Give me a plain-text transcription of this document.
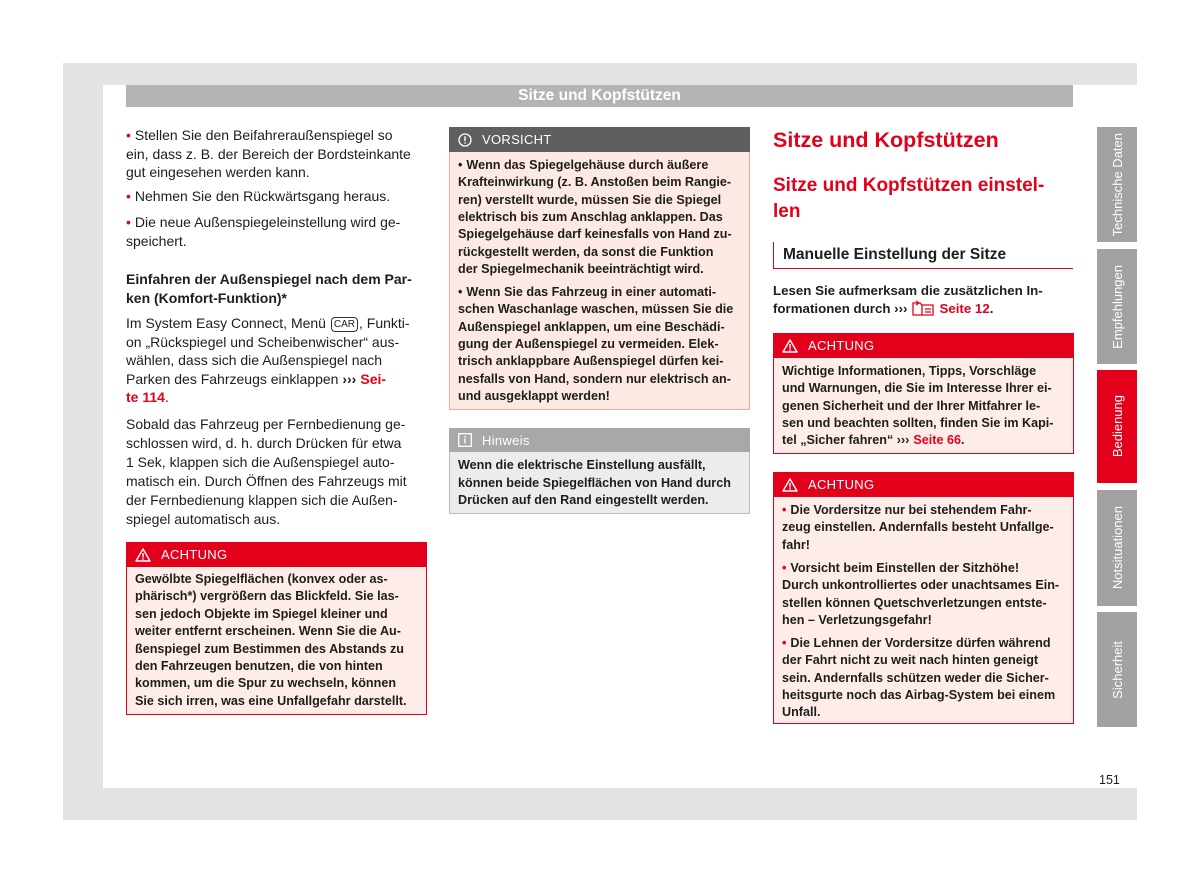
Sitze und Kopfstützen
• Stellen Sie den Beifahreraußenspiegel so
ein, dass z. B. der Bereich der Bordsteinkante
gut eingesehen werden kann.
• Nehmen Sie den Rückwärtsgang heraus.
• Die neue Außenspiegeleinstellung wird ge-
speichert.
Einfahren der Außenspiegel nach dem Par-
ken (Komfort-Funktion)*
Im System Easy Connect, Menü CAR , Funkti-
on „Rückspiegel und Scheibenwischer“ aus-
wählen, dass sich die Außenspiegel nach
Parken des Fahrzeugs einklappen ››› Sei-
te 114.
Sobald das Fahrzeug per Fernbedienung ge-
schlossen wird, d. h. durch Drücken für etwa
1 Sek, klappen sich die Außenspiegel auto-
matisch ein. Durch Öffnen des Fahrzeugs mit
der Fernbedienung klappen sich die Außen-
spiegel automatisch aus.
ACHTUNG
Gewölbte Spiegelflächen (konvex oder as-
phärisch*) vergrößern das Blickfeld. Sie las-
sen jedoch Objekte im Spiegel kleiner und
weiter entfernt erscheinen. Wenn Sie die Au-
ßenspiegel zum Bestimmen des Abstands zu
den Fahrzeugen benutzen, die von hinten
kommen, um die Spur zu wechseln, können
Sie sich irren, was eine Unfallgefahr darstellt.
VORSICHT
• Wenn das Spiegelgehäuse durch äußere
Krafteinwirkung (z. B. Anstoßen beim Rangie-
ren) verstellt wurde, müssen Sie die Spiegel
elektrisch bis zum Anschlag anklappen. Das
Spiegelgehäuse darf keinesfalls von Hand zu-
rückgestellt werden, da sonst die Funktion
der Spiegelmechanik beeinträchtigt wird.
• Wenn Sie das Fahrzeug in einer automati-
schen Waschanlage waschen, müssen Sie die
Außenspiegel anklappen, um eine Beschädi-
gung der Außenspiegel zu vermeiden. Elek-
trisch anklappbare Außenspiegel dürfen kei-
nesfalls von Hand, sondern nur elektrisch an-
und ausgeklappt werden!
Hinweis
Wenn die elektrische Einstellung ausfällt,
können beide Spiegelflächen von Hand durch
Drücken auf den Rand eingestellt werden.
Sitze und Kopfstützen
Sitze und Kopfstützen einstel-
len
Manuelle Einstellung der Sitze
Lesen Sie aufmerksam die zusätzlichen In-
formationen durch ››› Seite 12.
ACHTUNG
Wichtige Informationen, Tipps, Vorschläge
und Warnungen, die Sie im Interesse Ihrer ei-
genen Sicherheit und der Ihrer Mitfahrer le-
sen und beachten sollten, finden Sie im Kapi-
tel „Sicher fahren“ ››› Seite 66.
ACHTUNG
• Die Vordersitze nur bei stehendem Fahr-
zeug einstellen. Andernfalls besteht Unfallge-
fahr!
• Vorsicht beim Einstellen der Sitzhöhe!
Durch unkontrolliertes oder unachtsames Ein-
stellen können Quetschverletzungen entste-
hen – Verletzungsgefahr!
• Die Lehnen der Vordersitze dürfen während
der Fahrt nicht zu weit nach hinten geneigt
sein. Andernfalls schützen weder die Sicher-
heitsgurte noch das Airbag-System bei einem
Unfall.
Technische Daten
Empfehlungen
Bedienung
Notsituationen
Sicherheit
151
